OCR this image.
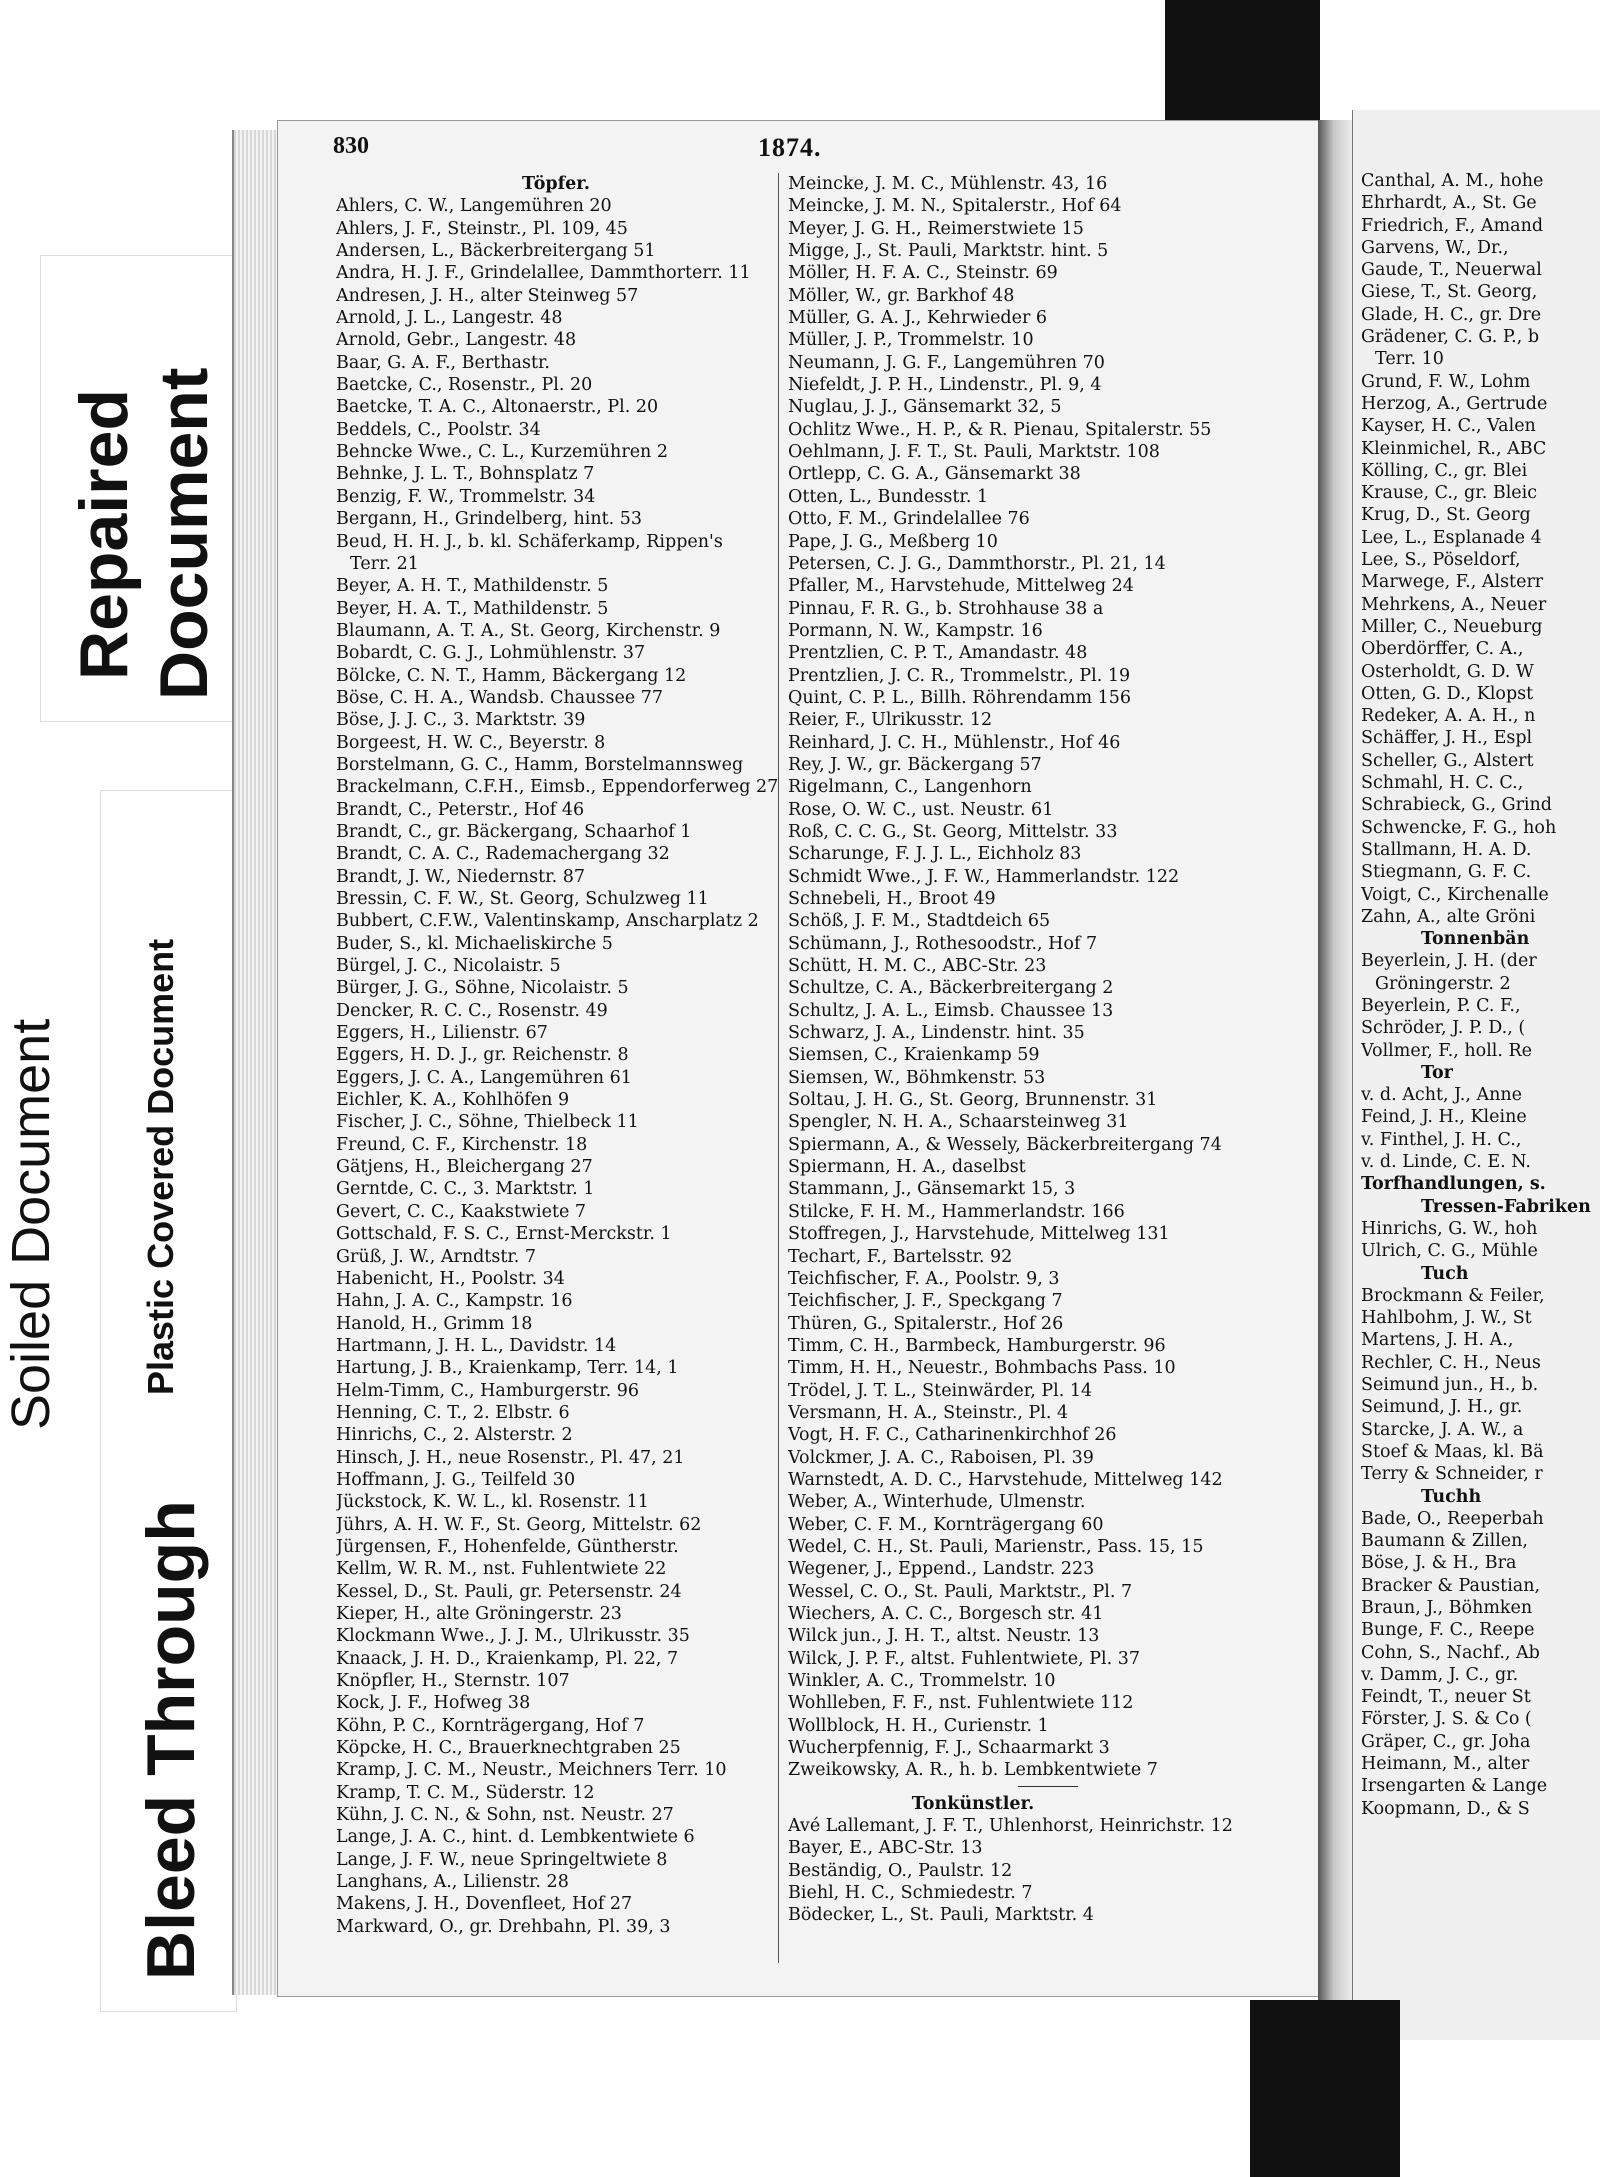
Repaired Document
Soiled Document Plastic Covered Document
Bleed Through
830	1874.
Töpfer.
Ahlers, C. W., Langemühren 20
Ahlers, J. F., Steinstr., Pl. 109, 45
Andersen, L., Bäckerbreitergang 51
Andra, H. J. F., Grindelallee, Dammthorterr. 11
Andresen, J. H., alter Steinweg 57
Arnold, J. L., Langestr. 48
Arnold, Gebr., Langestr. 48
Baar, G. A. F., Berthastr.
Baetcke, C., Rosenstr., Pl. 20
Baetcke, T. A. C., Altonaerstr., Pl. 20
Beddels, C., Poolstr. 34
Behncke Wwe., C. L., Kurzemühren 2
Behnke, J. L. T., Bohnsplatz 7
Benzig, F. W., Trommelstr. 34
Bergann, H., Grindelberg, hint. 53
Beud, H. H. J., b. kl. Schäferkamp, Rippen's
Terr. 21
Beyer, A. H. T., Mathildenstr. 5
Beyer, H. A. T., Mathildenstr. 5
Blaumann, A. T. A., St. Georg, Kirchenstr. 9
Bobardt, C. G. J., Lohmühlenstr. 37
Bölcke, C. N. T., Hamm, Bäckergang 12
Böse, C. H. A., Wandsb. Chaussee 77
Böse, J. J. C., 3. Marktstr. 39
Borgeest, H. W. C., Beyerstr. 8
Borstelmann, G. C., Hamm, Borstelmannsweg
Brackelmann, C.F.H., Eimsb., Eppendorferweg 27
Brandt, C., Peterstr., Hof 46
Brandt, C., gr. Bäckergang, Schaarhof 1
Brandt, C. A. C., Rademachergang 32
Brandt, J. W., Niedernstr. 87
Bressin, C. F. W., St. Georg, Schulzweg 11
Bubbert, C.F.W., Valentinskamp, Anscharplatz 2
Buder, S., kl. Michaeliskirche 5
Bürgel, J. C., Nicolaistr. 5
Bürger, J. G., Söhne, Nicolaistr. 5
Dencker, R. C. C., Rosenstr. 49
Eggers, H., Lilienstr. 67
Eggers, H. D. J., gr. Reichenstr. 8
Eggers, J. C. A., Langemühren 61
Eichler, K. A., Kohlhöfen 9
Fischer, J. C., Söhne, Thielbeck 11
Freund, C. F., Kirchenstr. 18
Gätjens, H., Bleichergang 27
Gerntde, C. C., 3. Marktstr. 1
Gevert, C. C., Kaakstwiete 7
Gottschald, F. S. C., Ernst-Merckstr. 1
Grüß, J. W., Arndtstr. 7
Habenicht, H., Poolstr. 34
Hahn, J. A. C., Kampstr. 16
Hanold, H., Grimm 18
Hartmann, J. H. L., Davidstr. 14
Hartung, J. B., Kraienkamp, Terr. 14, 1
Helm-Timm, C., Hamburgerstr. 96
Henning, C. T., 2. Elbstr. 6
Hinrichs, C., 2. Alsterstr. 2
Hinsch, J. H., neue Rosenstr., Pl. 47, 21
Hoffmann, J. G., Teilfeld 30
Jückstock, K. W. L., kl. Rosenstr. 11
Jührs, A. H. W. F., St. Georg, Mittelstr. 62
Jürgensen, F., Hohenfelde, Güntherstr.
Kellm, W. R. M., nst. Fuhlentwiete 22
Kessel, D., St. Pauli, gr. Petersenstr. 24
Kieper, H., alte Gröningerstr. 23
Klockmann Wwe., J. J. M., Ulrikusstr. 35
Knaack, J. H. D., Kraienkamp, Pl. 22, 7
Knöpfler, H., Sternstr. 107
Kock, J. F., Hofweg 38
Köhn, P. C., Kornträgergang, Hof 7
Köpcke, H. C., Brauerknechtgraben 25
Kramp, J. C. M., Neustr., Meichners Terr. 10
Kramp, T. C. M., Süderstr. 12
Kühn, J. C. N., & Sohn, nst. Neustr. 27
Lange, J. A. C., hint. d. Lembkentwiete 6
Lange, J. F. W., neue Springeltwiete 8
Langhans, A., Lilienstr. 28
Makens, J. H., Dovenfleet, Hof 27
Markward, O., gr. Drehbahn, Pl. 39, 3
Meincke, J. M. C., Mühlenstr. 43, 16
Meincke, J. M. N., Spitalerstr., Hof 64
Meyer, J. G. H., Reimerstwiete 15
Migge, J., St. Pauli, Marktstr. hint. 5
Möller, H. F. A. C., Steinstr. 69
Möller, W., gr. Barkhof 48
Müller, G. A. J., Kehrwieder 6
Müller, J. P., Trommelstr. 10
Neumann, J. G. F., Langemühren 70
Niefeldt, J. P. H., Lindenstr., Pl. 9, 4
Nuglau, J. J., Gänsemarkt 32, 5
Ochlitz Wwe., H. P., & R. Pienau, Spitalerstr. 55
Oehlmann, J. F. T., St. Pauli, Marktstr. 108
Ortlepp, C. G. A., Gänsemarkt 38
Otten, L., Bundesstr. 1
Otto, F. M., Grindelallee 76
Pape, J. G., Meßberg 10
Petersen, C. J. G., Dammthorstr., Pl. 21, 14
Pfaller, M., Harvstehude, Mittelweg 24
Pinnau, F. R. G., b. Strohhause 38 a
Pormann, N. W., Kampstr. 16
Prentzlien, C. P. T., Amandastr. 48
Prentzlien, J. C. R., Trommelstr., Pl. 19
Quint, C. P. L., Billh. Röhrendamm 156
Reier, F., Ulrikusstr. 12
Reinhard, J. C. H., Mühlenstr., Hof 46
Rey, J. W., gr. Bäckergang 57
Rigelmann, C., Langenhorn
Rose, O. W. C., ust. Neustr. 61
Roß, C. C. G., St. Georg, Mittelstr. 33
Scharunge, F. J. J. L., Eichholz 83
Schmidt Wwe., J. F. W., Hammerlandstr. 122
Schnebeli, H., Broot 49
Schöß, J. F. M., Stadtdeich 65
Schümann, J., Rothesoodstr., Hof 7
Schütt, H. M. C., ABC-Str. 23
Schultze, C. A., Bäckerbreitergang 2
Schultz, J. A. L., Eimsb. Chaussee 13
Schwarz, J. A., Lindenstr. hint. 35
Siemsen, C., Kraienkamp 59
Siemsen, W., Böhmkenstr. 53
Soltau, J. H. G., St. Georg, Brunnenstr. 31
Spengler, N. H. A., Schaarsteinweg 31
Spiermann, A., & Wessely, Bäckerbreitergang 74
Spiermann, H. A., daselbst
Stammann, J., Gänsemarkt 15, 3
Stilcke, F. H. M., Hammerlandstr. 166
Stoffregen, J., Harvstehude, Mittelweg 131
Techart, F., Bartelsstr. 92
Teichfischer, F. A., Poolstr. 9, 3
Teichfischer, J. F., Speckgang 7
Thüren, G., Spitalerstr., Hof 26
Timm, C. H., Barmbeck, Hamburgerstr. 96
Timm, H. H., Neuestr., Bohmbachs Pass. 10
Trödel, J. T. L., Steinwärder, Pl. 14
Versmann, H. A., Steinstr., Pl. 4
Vogt, H. F. C., Catharinenkirchhof 26
Volckmer, J. A. C., Raboisen, Pl. 39
Warnstedt, A. D. C., Harvstehude, Mittelweg 142
Weber, A., Winterhude, Ulmenstr.
Weber, C. F. M., Kornträgergang 60
Wedel, C. H., St. Pauli, Marienstr., Pass. 15, 15
Wegener, J., Eppend., Landstr. 223
Wessel, C. O., St. Pauli, Marktstr., Pl. 7
Wiechers, A. C. C., Borgesch str. 41
Wilck jun., J. H. T., altst. Neustr. 13
Wilck, J. P. F., altst. Fuhlentwiete, Pl. 37
Winkler, A. C., Trommelstr. 10
Wohlleben, F. F., nst. Fuhlentwiete 112
Wollblock, H. H., Curienstr. 1
Wucherpfennig, F. J., Schaarmarkt 3
Zweikowsky, A. R., h. b. Lembkentwiete 7
Tonkünstler.
Avé Lallemant, J. F. T., Uhlenhorst, Heinrichstr. 12
Bayer, E., ABC-Str. 13
Beständig, O., Paulstr. 12
Biehl, H. C., Schmiedestr. 7
Bödecker, L., St. Pauli, Marktstr. 4
Canthal, A. M., hohe
Ehrhardt, A., St. Ge
Friedrich, F., Amand
Garvens, W., Dr.,
Gaude, T., Neuerwal
Giese, T., St. Georg,
Glade, H. C., gr. Dre
Grädener, C. G. P., b
Terr. 10
Grund, F. W., Lohm
Herzog, A., Gertrude
Kayser, H. C., Valen
Kleinmichel, R., ABC
Kölling, C., gr. Blei
Krause, C., gr. Bleic
Krug, D., St. Georg
Lee, L., Esplanade 4
Lee, S., Pöseldorf,
Marwege, F., Alsterr
Mehrkens, A., Neuer
Miller, C., Neueburg
Oberdörffer, C. A.,
Osterholdt, G. D. W
Otten, G. D., Klopst
Redeker, A. A. H., n
Schäffer, J. H., Espl
Scheller, G., Alstert
Schmahl, H. C. C.,
Schrabieck, G., Grind
Schwencke, F. G., hoh
Stallmann, H. A. D.
Stiegmann, G. F. C.
Voigt, C., Kirchenalle
Zahn, A., alte Gröni
Tonnenbän
Beyerlein, J. H. (der
Gröningerstr. 2
Beyerlein, P. C. F.,
Schröder, J. P. D., (
Vollmer, F., holl. Re
Tor
v. d. Acht, J., Anne
Feind, J. H., Kleine
v. Finthel, J. H. C.,
v. d. Linde, C. E. N.
Torfhandlungen, s.
Tressen-Fabriken
Hinrichs, G. W., hoh
Ulrich, C. G., Mühle
Tuch
Brockmann & Feiler,
Hahlbohm, J. W., St
Martens, J. H. A.,
Rechler, C. H., Neus
Seimund jun., H., b.
Seimund, J. H., gr.
Starcke, J. A. W., a
Stoef & Maas, kl. Bä
Terry & Schneider, r
Tuchh
Bade, O., Reeperbah
Baumann & Zillen,
Böse, J. & H., Bra
Bracker & Paustian,
Braun, J., Böhmken
Bunge, F. C., Reepe
Cohn, S., Nachf., Ab
v. Damm, J. C., gr.
Feindt, T., neuer St
Förster, J. S. & Co (
Gräper, C., gr. Joha
Heimann, M., alter
Irsengarten & Lange
Koopmann, D., & S
